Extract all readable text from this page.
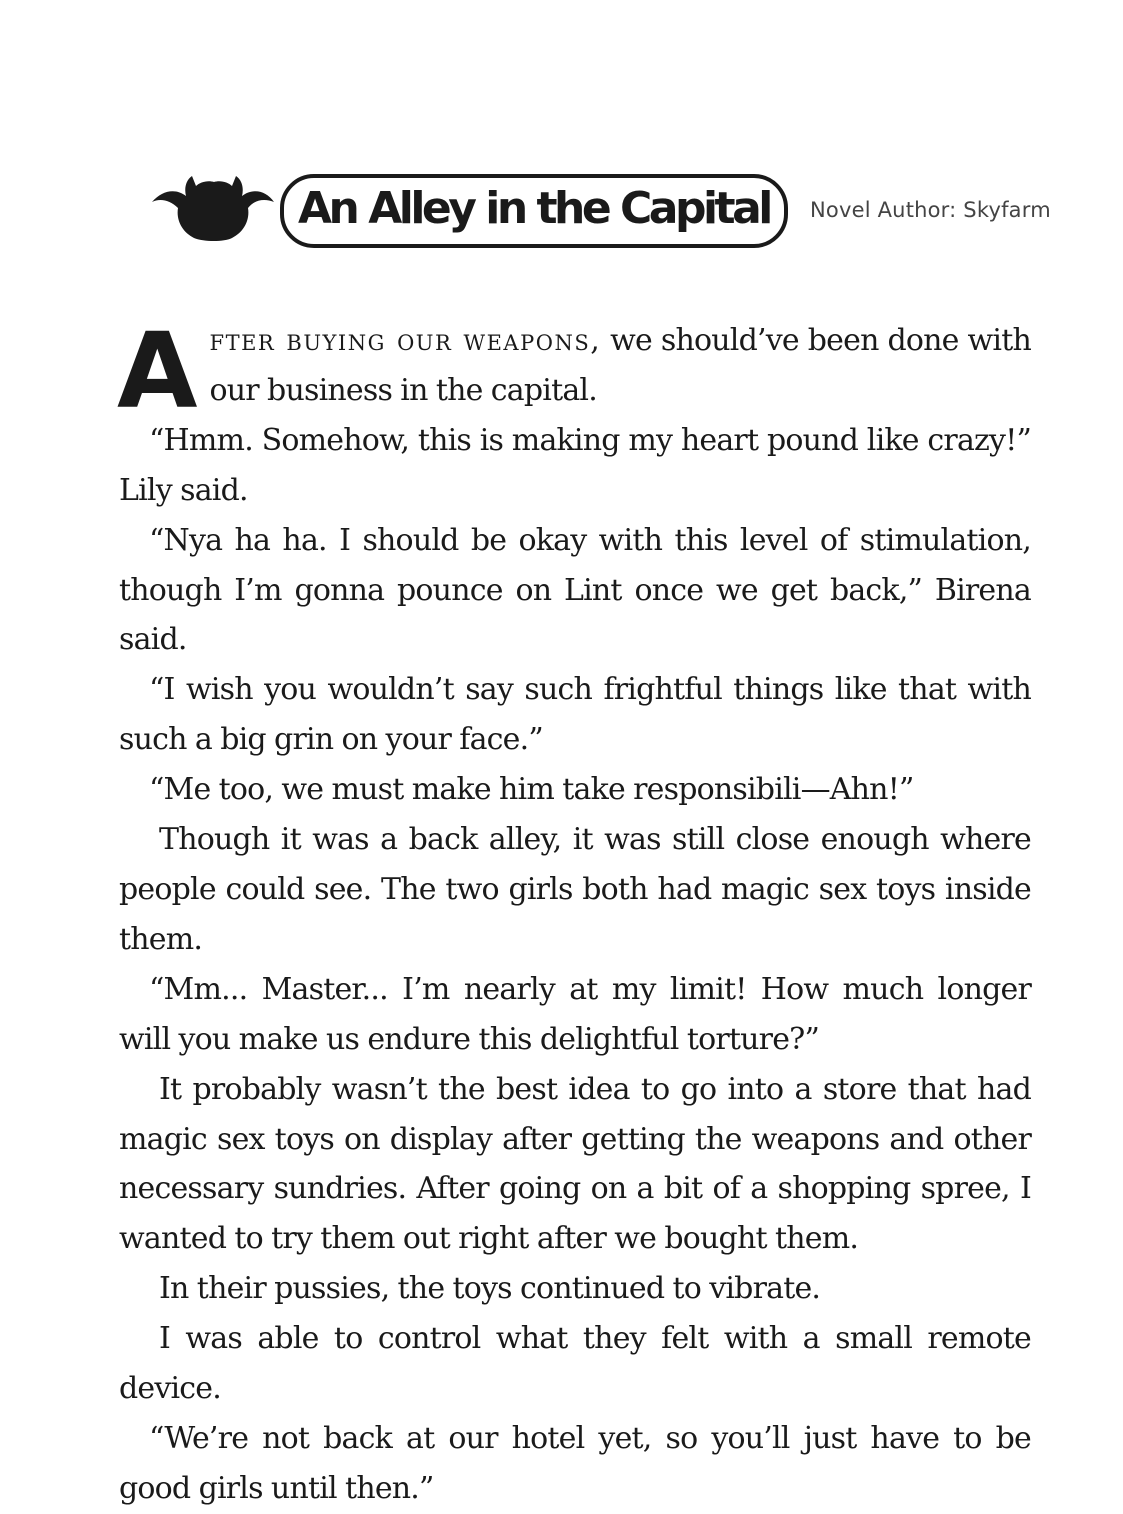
An Alley in the Capital	Novel Author: Skyfarm

After buying our weapons, we should’ve been done with our business in the capital.

“Hmm. Somehow, this is making my heart pound like crazy!” Lily said.

“Nya ha ha. I should be okay with this level of stimulation, though I’m gonna pounce on Lint once we get back,” Birena said.

“I wish you wouldn’t say such frightful things like that with such a big grin on your face.”

“Me too, we must make him take responsibili—Ahn!”

Though it was a back alley, it was still close enough where people could see. The two girls both had magic sex toys inside them.

“Mm... Master... I’m nearly at my limit! How much longer will you make us endure this delightful torture?”

It probably wasn’t the best idea to go into a store that had magic sex toys on display after getting the weapons and other necessary sundries. After going on a bit of a shopping spree, I wanted to try them out right after we bought them.

In their pussies, the toys continued to vibrate.

I was able to control what they felt with a small remote device.

“We’re not back at our hotel yet, so you’ll just have to be good girls until then.”
